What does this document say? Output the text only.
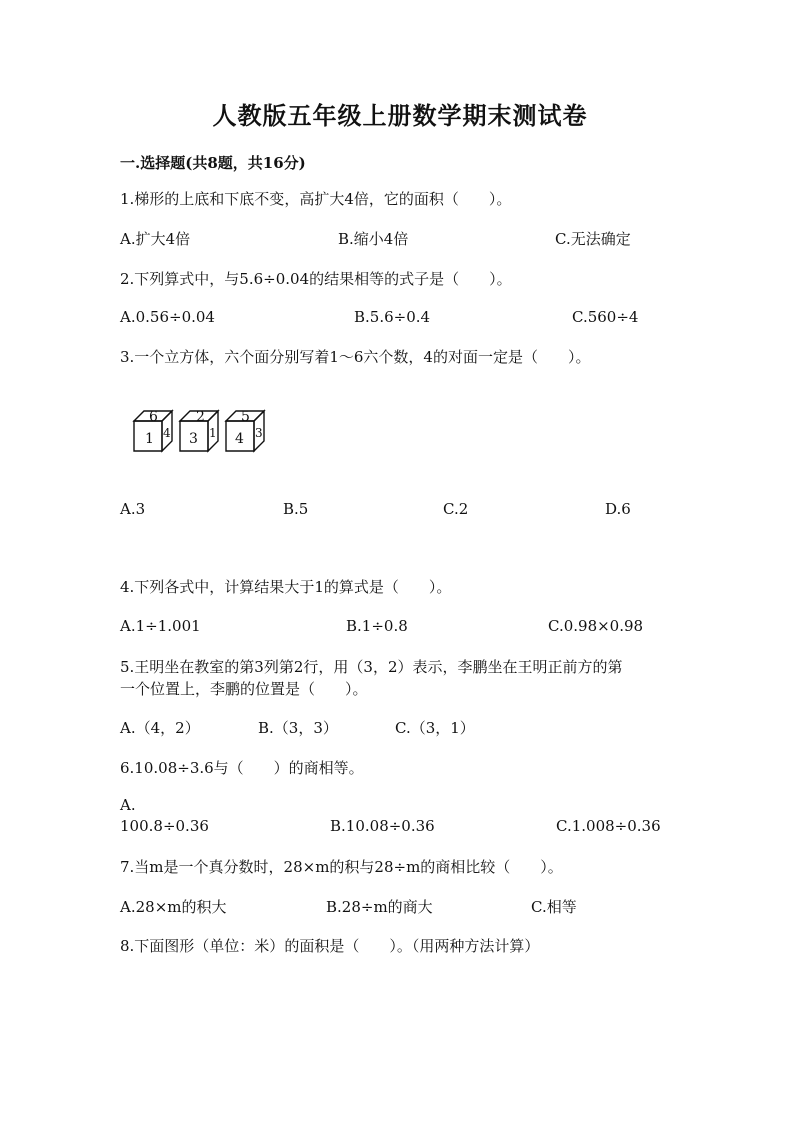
人教版五年级上册数学期末测试卷
一.选择题(共8题，共16分)
1.梯形的上底和下底不变，高扩大4倍，它的面积（　　）。
A.扩大4倍	B.缩小4倍	C.无法确定
2.下列算式中，与5.6÷0.04的结果相等的式子是（　　）。
A.0.56÷0.04	B.5.6÷0.4	C.560÷4
3.一个立方体，六个面分别写着1～6六个数，4的对面一定是（　　）。
1
6
4 3
2
1 4
5
3
A.3	B.5	C.2	D.6
4.下列各式中，计算结果大于1的算式是（　　）。
A.1÷1.001	B.1÷0.8	C.0.98×0.98
5.王明坐在教室的第3列第2行，用（3，2）表示，李鹏坐在王明正前方的第
一个位置上，李鹏的位置是（　　）。
A.（4，2）	B.（3，3）	C.（3，1）
6.10.08÷3.6与（　　）的商相等。
A.
100.8÷0.36	B.10.08÷0.36	C.1.008÷0.36
7.当m是一个真分数时，28×m的积与28÷m的商相比较（　　）。
A.28×m的积大	B.28÷m的商大	C.相等
8.下面图形（单位：米）的面积是（　　）。（用两种方法计算）
